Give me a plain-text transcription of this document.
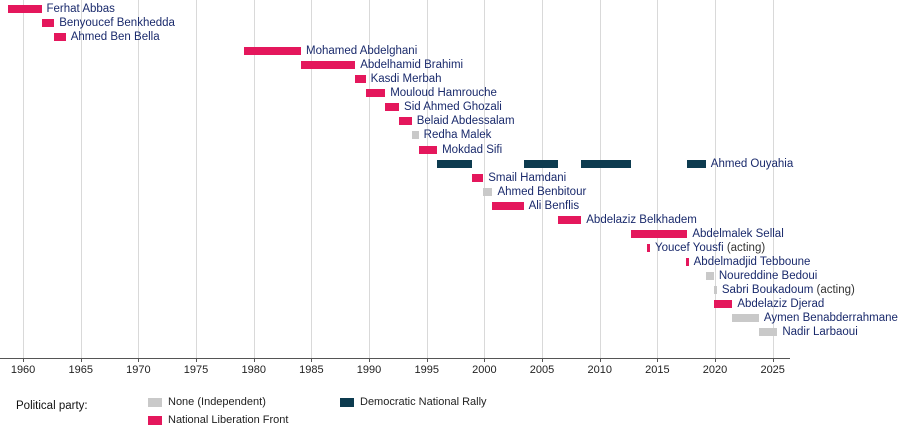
1960	1965	1970	1975	1980	1985	1990	1995	2000	2005	2010	2015	2020	2025
Ferhat Abbas
Benyoucef Benkhedda
Ahmed Ben Bella
Mohamed Abdelghani
Abdelhamid Brahimi
Kasdi Merbah
Mouloud Hamrouche
Sid Ahmed Ghozali
Belaid Abdessalam
Redha Malek
Mokdad Sifi
Ahmed Ouyahia
Smail Hamdani
Ahmed Benbitour
Ali Benflis
Abdelaziz Belkhadem
Abdelmalek Sellal
Youcef Yousfi (acting)
Abdelmadjid Tebboune
Noureddine Bedoui
Sabri Boukadoum (acting)
Abdelaziz Djerad
Aymen Benabderrahmane
Nadir Larbaoui
Political party:	None (Independent)	Democratic National Rally
National Liberation Front
